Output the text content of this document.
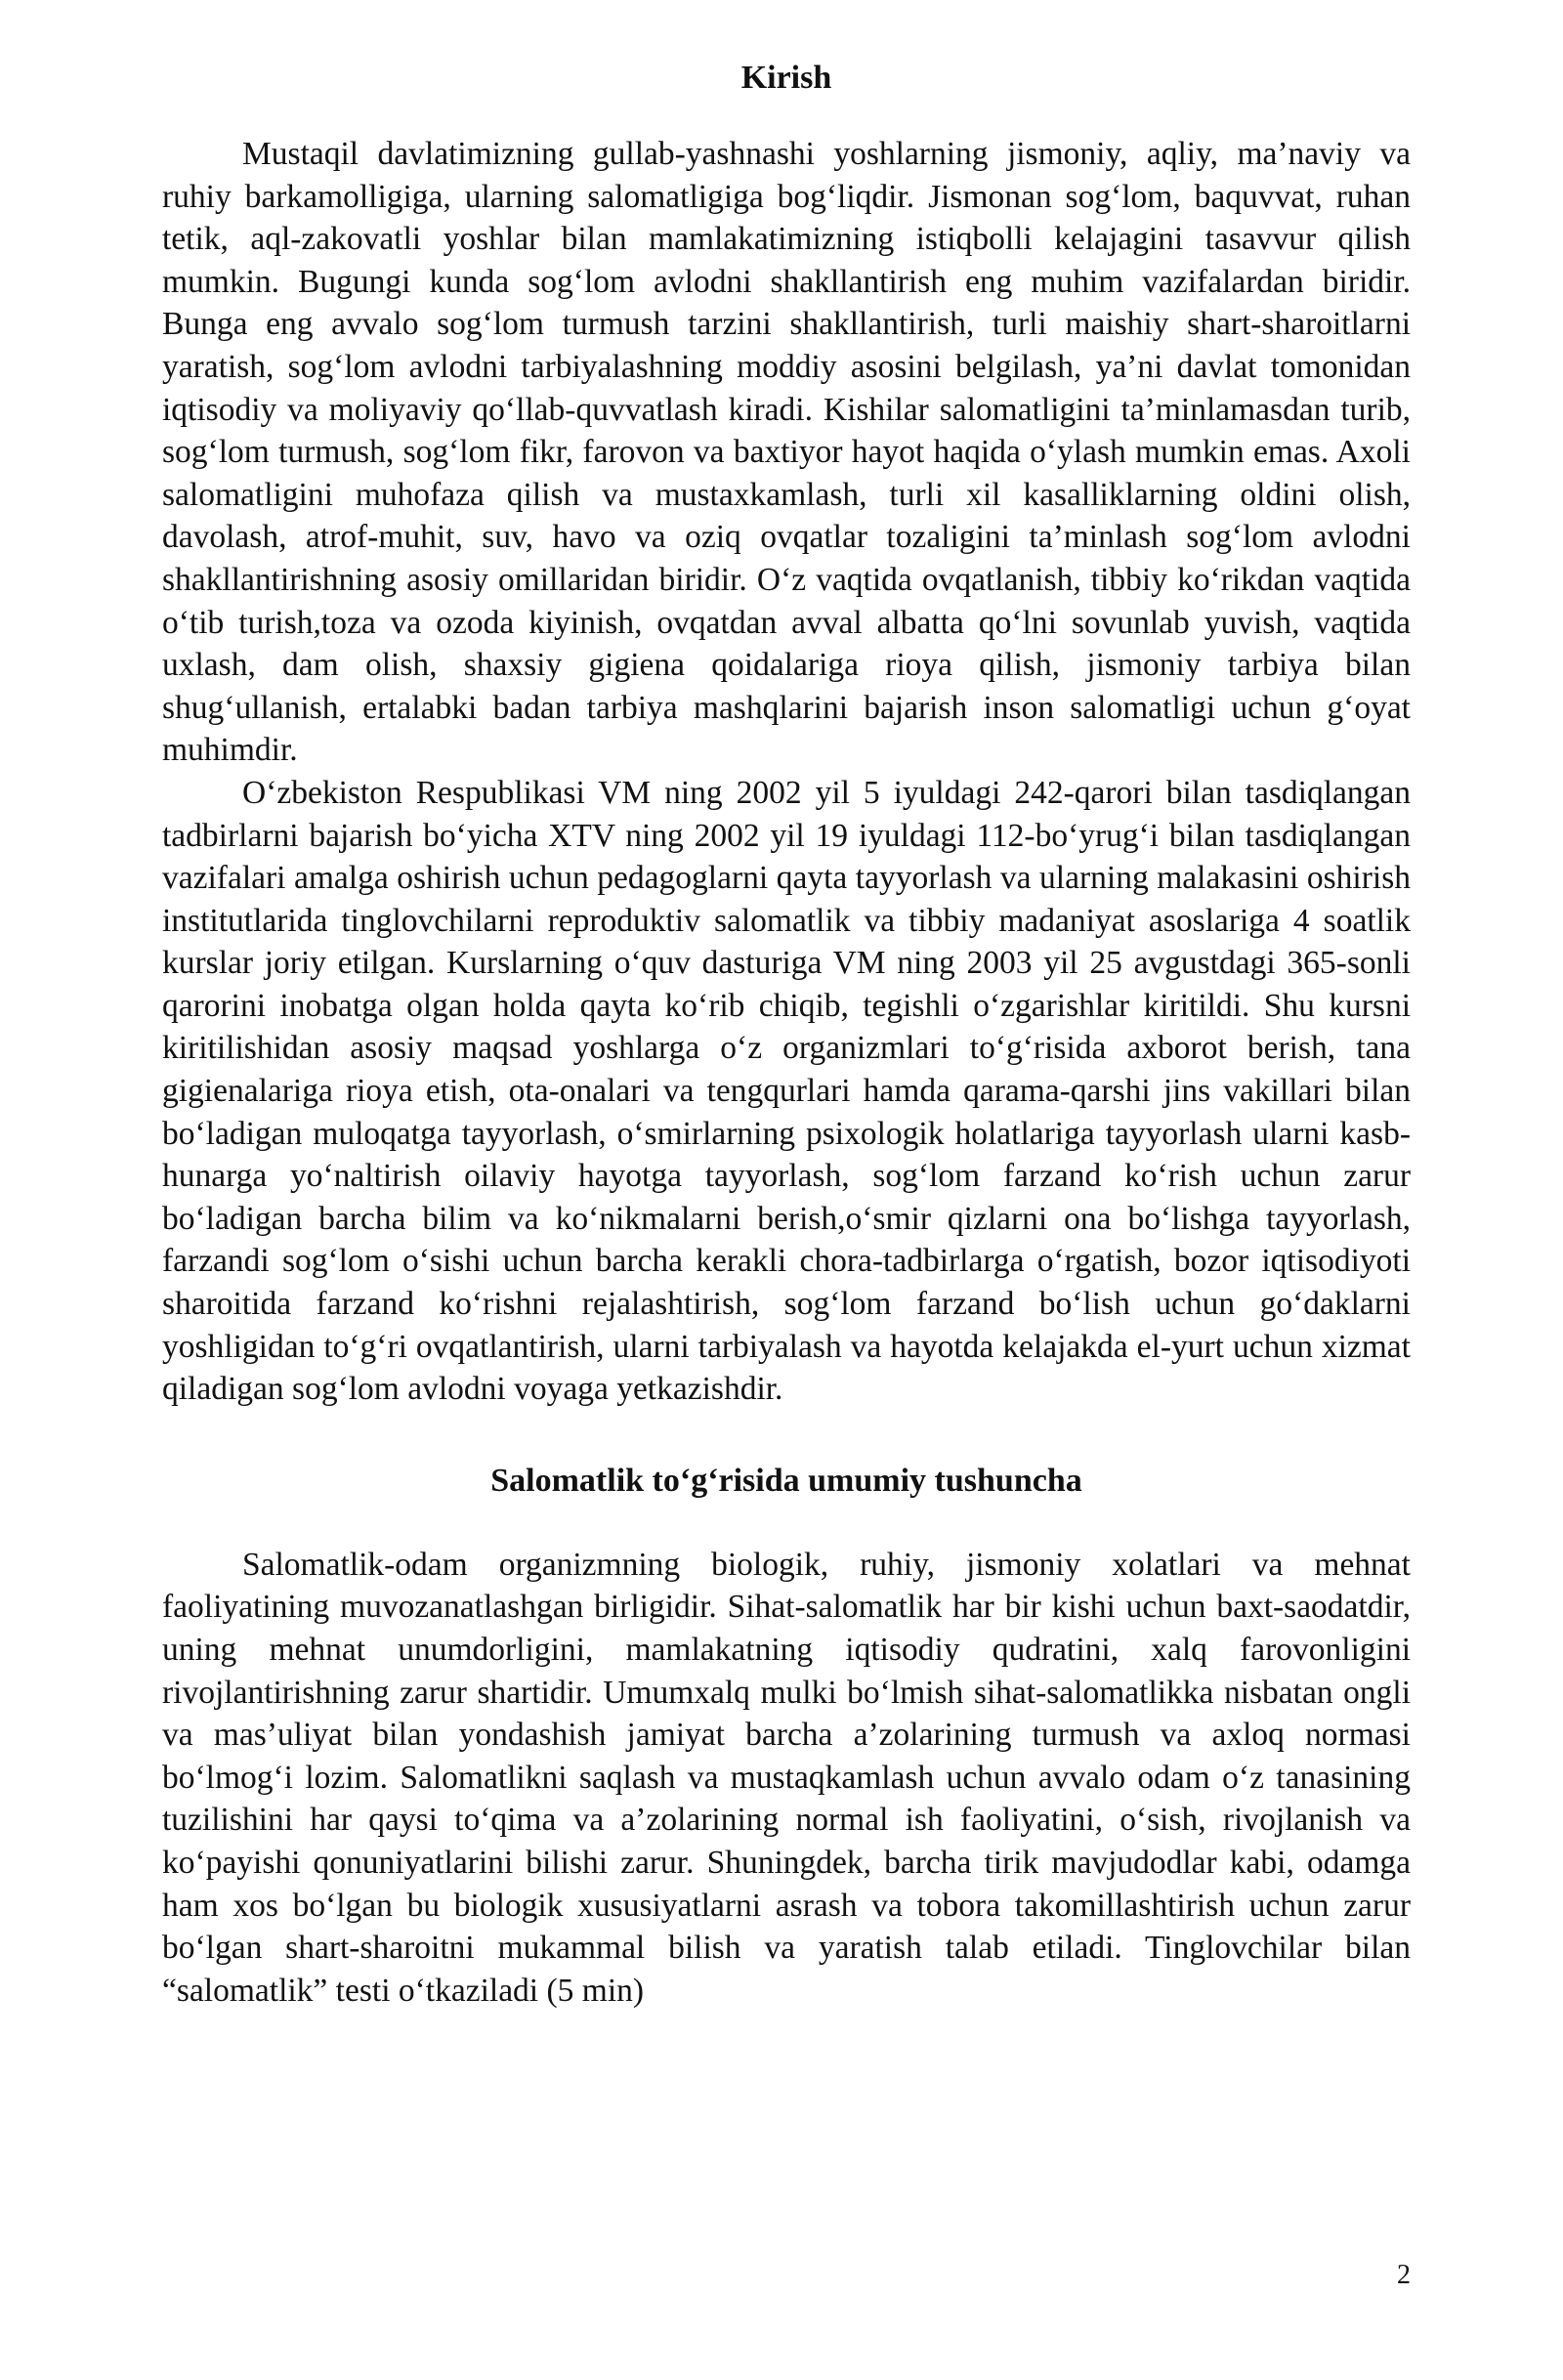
Kirish

Mustaqil davlatimizning gullab-yashnashi yoshlarning jismoniy, aqliy, ma’naviy va ruhiy barkamolligiga, ularning salomatligiga bog‘liqdir. Jismonan sog‘lom, baquvvat, ruhan tetik, aql-zakovatli yoshlar bilan mamlakatimizning istiqbolli kelajagini tasavvur qilish mumkin. Bugungi kunda sog‘lom avlodni shakllantirish eng muhim vazifalardan biridir. Bunga eng avvalo sog‘lom turmush tarzini shakllantirish, turli maishiy shart-sharoitlarni yaratish, sog‘lom avlodni tarbiyalashning moddiy asosini belgilash, ya’ni davlat tomonidan iqtisodiy va moliyaviy qo‘llab-quvvatlash kiradi. Kishilar salomatligini ta’minlamasdan turib, sog‘lom turmush, sog‘lom fikr, farovon va baxtiyor hayot haqida o‘ylash mumkin emas. Axoli salomatligini muhofaza qilish va mustaxkamlash, turli xil kasalliklarning oldini olish, davolash, atrof-muhit, suv, havo va oziq ovqatlar tozaligini ta’minlash sog‘lom avlodni shakllantirishning asosiy omillaridan biridir. O‘z vaqtida ovqatlanish, tibbiy ko‘rikdan vaqtida o‘tib turish,toza va ozoda kiyinish, ovqatdan avval albatta qo‘lni sovunlab yuvish, vaqtida uxlash, dam olish, shaxsiy gigiena qoidalariga rioya qilish, jismoniy tarbiya bilan shug‘ullanish, ertalabki badan tarbiya mashqlarini bajarish inson salomatligi uchun g‘oyat muhimdir.

O‘zbekiston Respublikasi VM ning 2002 yil 5 iyuldagi 242-qarori bilan tasdiqlangan tadbirlarni bajarish bo‘yicha XTV ning 2002 yil 19 iyuldagi 112-bo‘yrug‘i bilan tasdiqlangan vazifalari amalga oshirish uchun pedagoglarni qayta tayyorlash va ularning malakasini oshirish institutlarida tinglovchilarni reproduktiv salomatlik va tibbiy madaniyat asoslariga 4 soatlik kurslar joriy etilgan. Kurslarning o‘quv dasturiga VM ning 2003 yil 25 avgustdagi 365-sonli qarorini inobatga olgan holda qayta ko‘rib chiqib, tegishli o‘zgarishlar kiritildi. Shu kursni kiritilishidan asosiy maqsad yoshlarga o‘z organizmlari to‘g‘risida axborot berish, tana gigienalariga rioya etish, ota-onalari va tengqurlari hamda qarama-qarshi jins vakillari bilan bo‘ladigan muloqatga tayyorlash, o‘smirlarning psixologik holatlariga tayyorlash ularni kasb-hunarga yo‘naltirish oilaviy hayotga tayyorlash, sog‘lom farzand ko‘rish uchun zarur bo‘ladigan barcha bilim va ko‘nikmalarni berish,o‘smir qizlarni ona bo‘lishga tayyorlash, farzandi sog‘lom o‘sishi uchun barcha kerakli chora-tadbirlarga o‘rgatish, bozor iqtisodiyoti sharoitida farzand ko‘rishni rejalashtirish, sog‘lom farzand bo‘lish uchun go‘daklarni yoshligidan to‘g‘ri ovqatlantirish, ularni tarbiyalash va hayotda kelajakda el-yurt uchun xizmat qiladigan sog‘lom avlodni voyaga yetkazishdir.

Salomatlik to‘g‘risida umumiy tushuncha

Salomatlik-odam organizmning biologik, ruhiy, jismoniy xolatlari va mehnat faoliyatining muvozanatlashgan birligidir. Sihat-salomatlik har bir kishi uchun baxt-saodatdir, uning mehnat unumdorligini, mamlakatning iqtisodiy qudratini, xalq farovonligini rivojlantirishning zarur shartidir. Umumxalq mulki bo‘lmish sihat-salomatlikka nisbatan ongli va mas’uliyat bilan yondashish jamiyat barcha a’zolarining turmush va axloq normasi bo‘lmog‘i lozim. Salomatlikni saqlash va mustaqkamlash uchun avvalo odam o‘z tanasining tuzilishini har qaysi to‘qima va a’zolarining normal ish faoliyatini, o‘sish, rivojlanish va ko‘payishi qonuniyatlarini bilishi zarur. Shuningdek, barcha tirik mavjudodlar kabi, odamga ham xos bo‘lgan bu biologik xususiyatlarni asrash va tobora takomillashtirish uchun zarur bo‘lgan shart-sharoitni mukammal bilish va yaratish talab etiladi. Tinglovchilar bilan “salomatlik” testi o‘tkaziladi (5 min)

2
